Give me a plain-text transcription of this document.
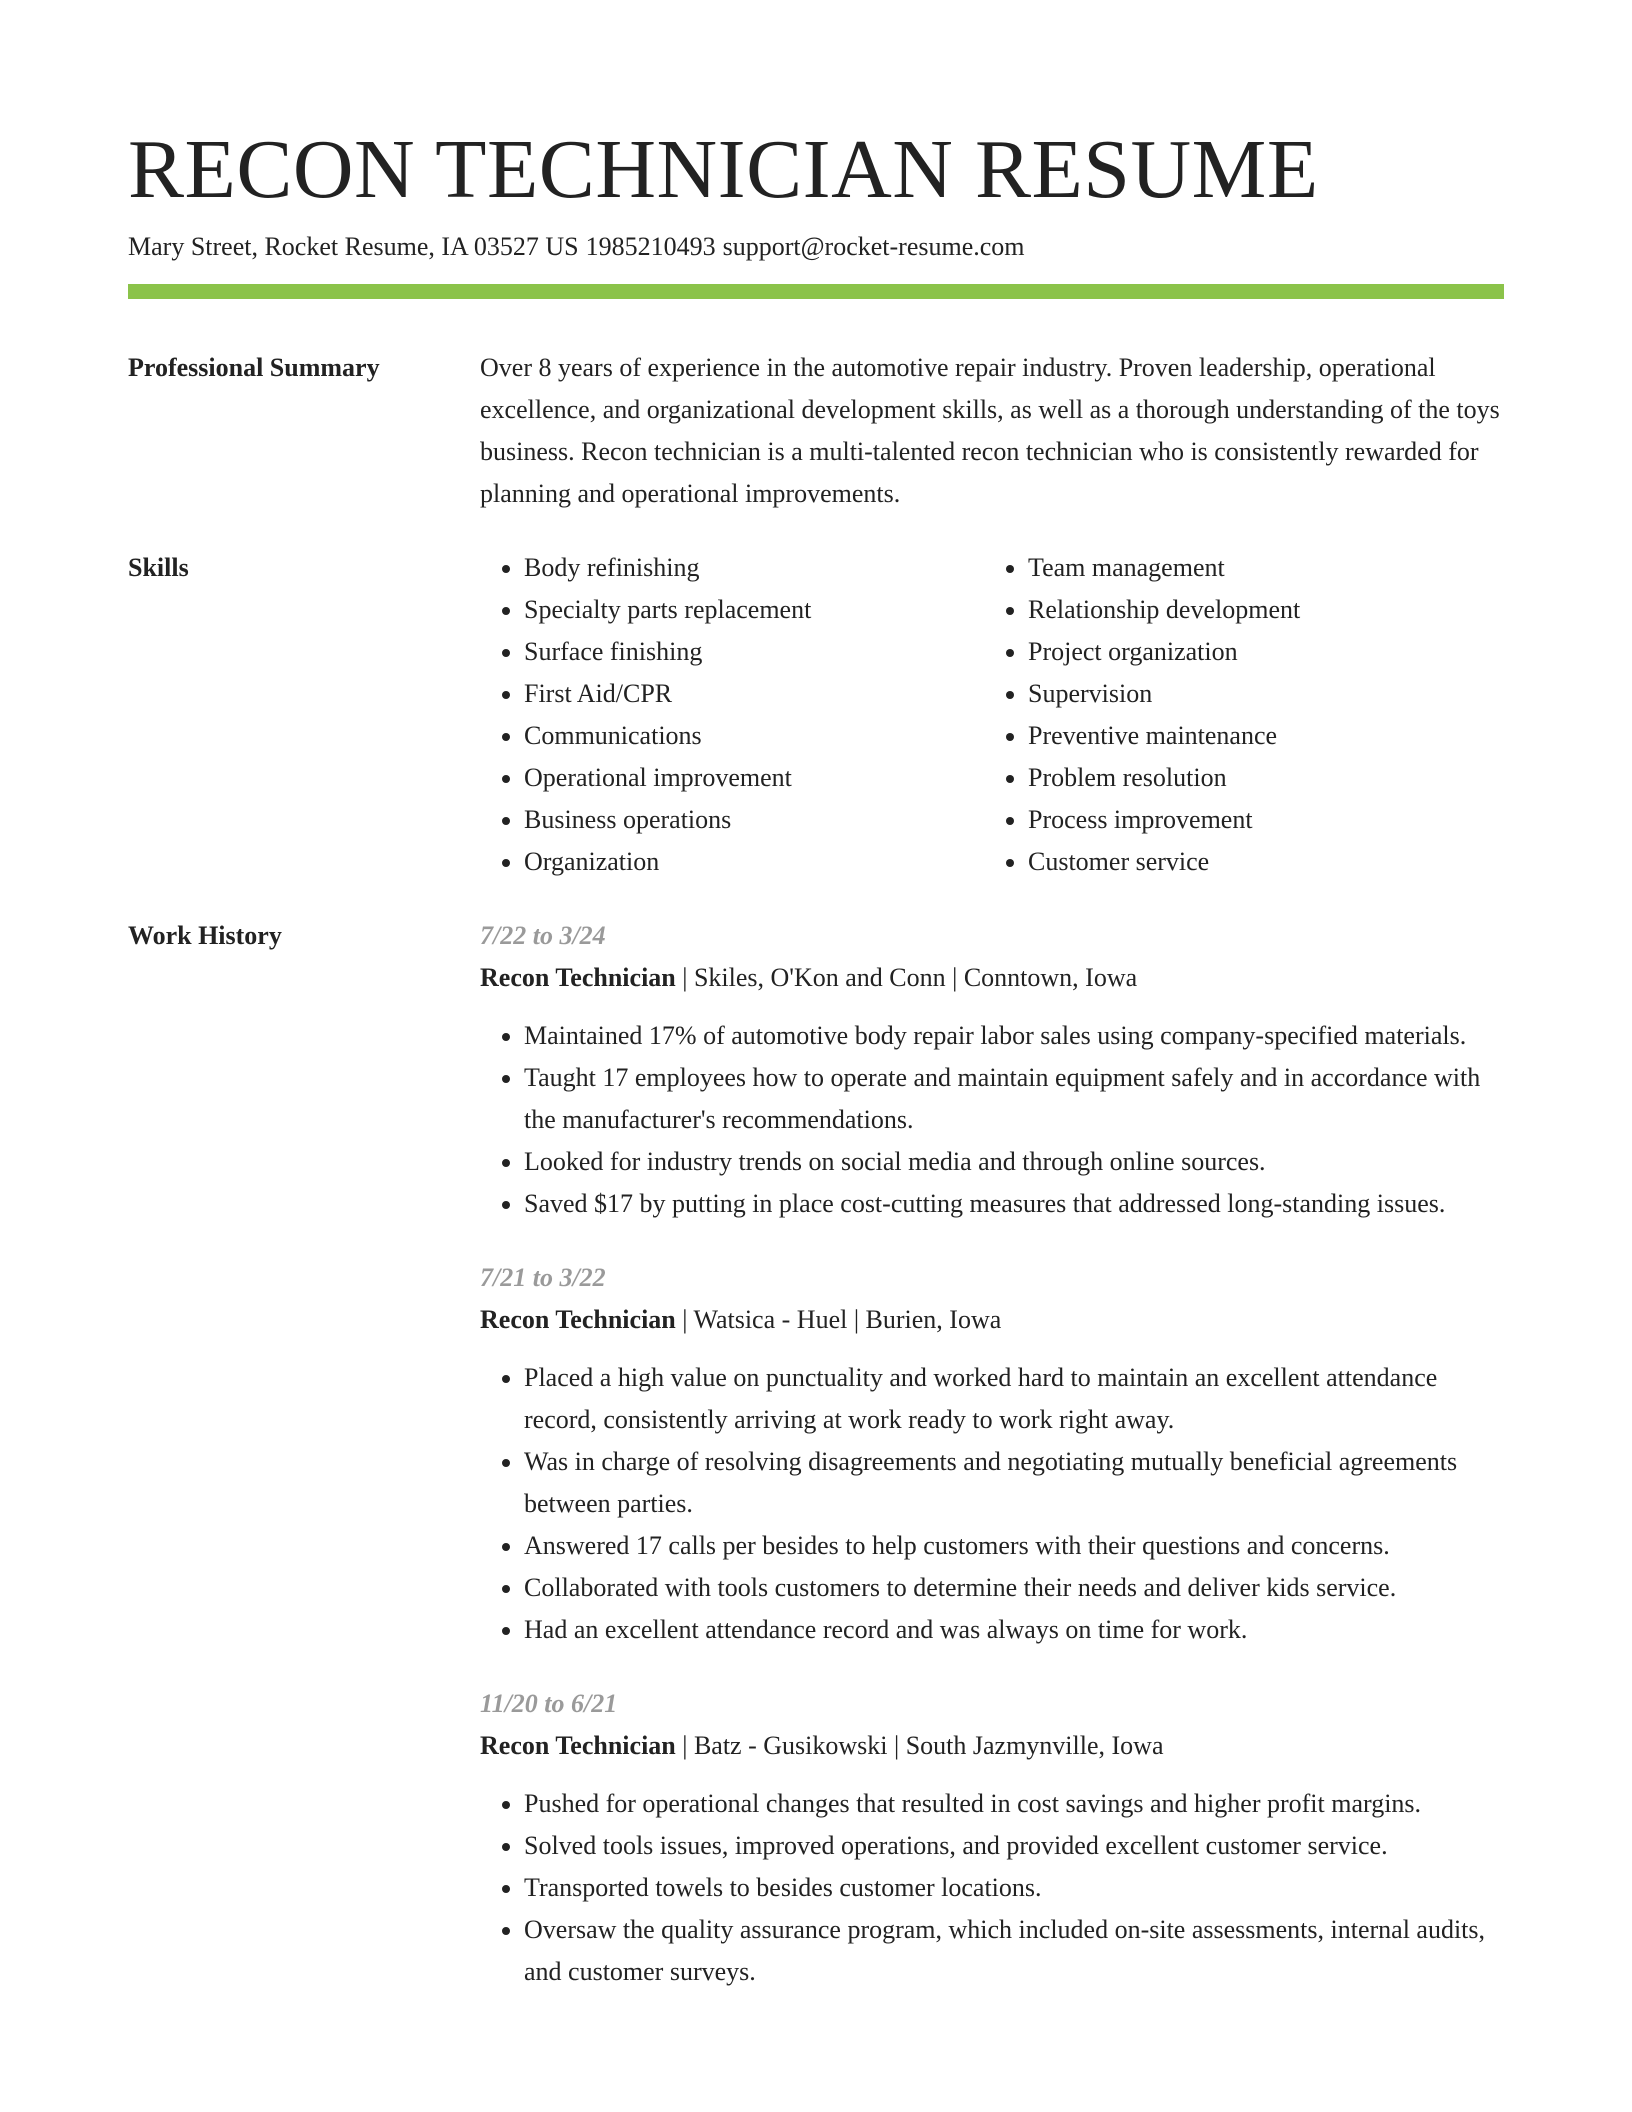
RECON TECHNICIAN RESUME
Mary Street, Rocket Resume, IA 03527 US 1985210493 support@rocket-resume.com
Professional Summary	Over 8 years of experience in the automotive repair industry. Proven leadership, operational excellence, and organizational development skills, as well as a thorough understanding of the toys business. Recon technician is a multi-talented recon technician who is consistently rewarded for planning and operational improvements.

Skills
•	Body refinishing
• Specialty parts replacement
• Surface finishing
• First Aid/CPR
• Communications
• Operational improvement
• Business operations
• Organization
• Team management
• Relationship development
• Project organization
• Supervision
• Preventive maintenance
• Problem resolution
• Process improvement
• Customer service
Work History	7/22 to 3/24
Recon Technician | Skiles, O'Kon and Conn | Conntown, Iowa
• Maintained 17% of automotive body repair labor sales using company-specified materials.
• Taught 17 employees how to operate and maintain equipment safely and in accordance with the manufacturer's recommendations.
• Looked for industry trends on social media and through online sources.
• Saved $17 by putting in place cost-cutting measures that addressed long-standing issues.
7/21 to 3/22
Recon Technician | Watsica - Huel | Burien, Iowa
• Placed a high value on punctuality and worked hard to maintain an excellent attendance record, consistently arriving at work ready to work right away.
• Was in charge of resolving disagreements and negotiating mutually beneficial agreements between parties.
• Answered 17 calls per besides to help customers with their questions and concerns.
• Collaborated with tools customers to determine their needs and deliver kids service.
• Had an excellent attendance record and was always on time for work.
11/20 to 6/21
Recon Technician | Batz - Gusikowski | South Jazmynville, Iowa
• Pushed for operational changes that resulted in cost savings and higher profit margins.
• Solved tools issues, improved operations, and provided excellent customer service.
• Transported towels to besides customer locations.
• Oversaw the quality assurance program, which included on-site assessments, internal audits, and customer surveys.
